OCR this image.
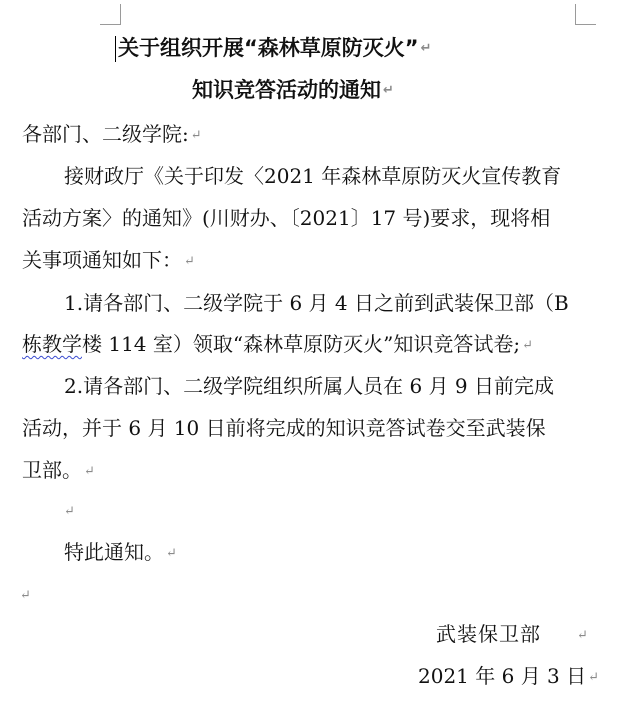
关于组织开展“森林草原防灭火” ↵
知识竞答活动的通知 ↵
各部门、二级学院: ↵
接财政厅《关于印发〈2021 年森林草原防灭火宣传教育
活动方案〉的通知》(川财办、〔2021〕17 号)要求，现将相
关事项通知如下： ↵
1.请各部门、二级学院于 6 月 4 日之前到武装保卫部（B
栋教学楼 114 室）领取“森林草原防灭火”知识竞答试卷; ↵
2.请各部门、二级学院组织所属人员在 6 月 9 日前完成
活动，并于 6 月 10 日前将完成的知识竞答试卷交至武装保
卫部。 ↵
↵
特此通知。 ↵
↵
武装保卫部	↵
2021 年 6 月 3 日 ↵
